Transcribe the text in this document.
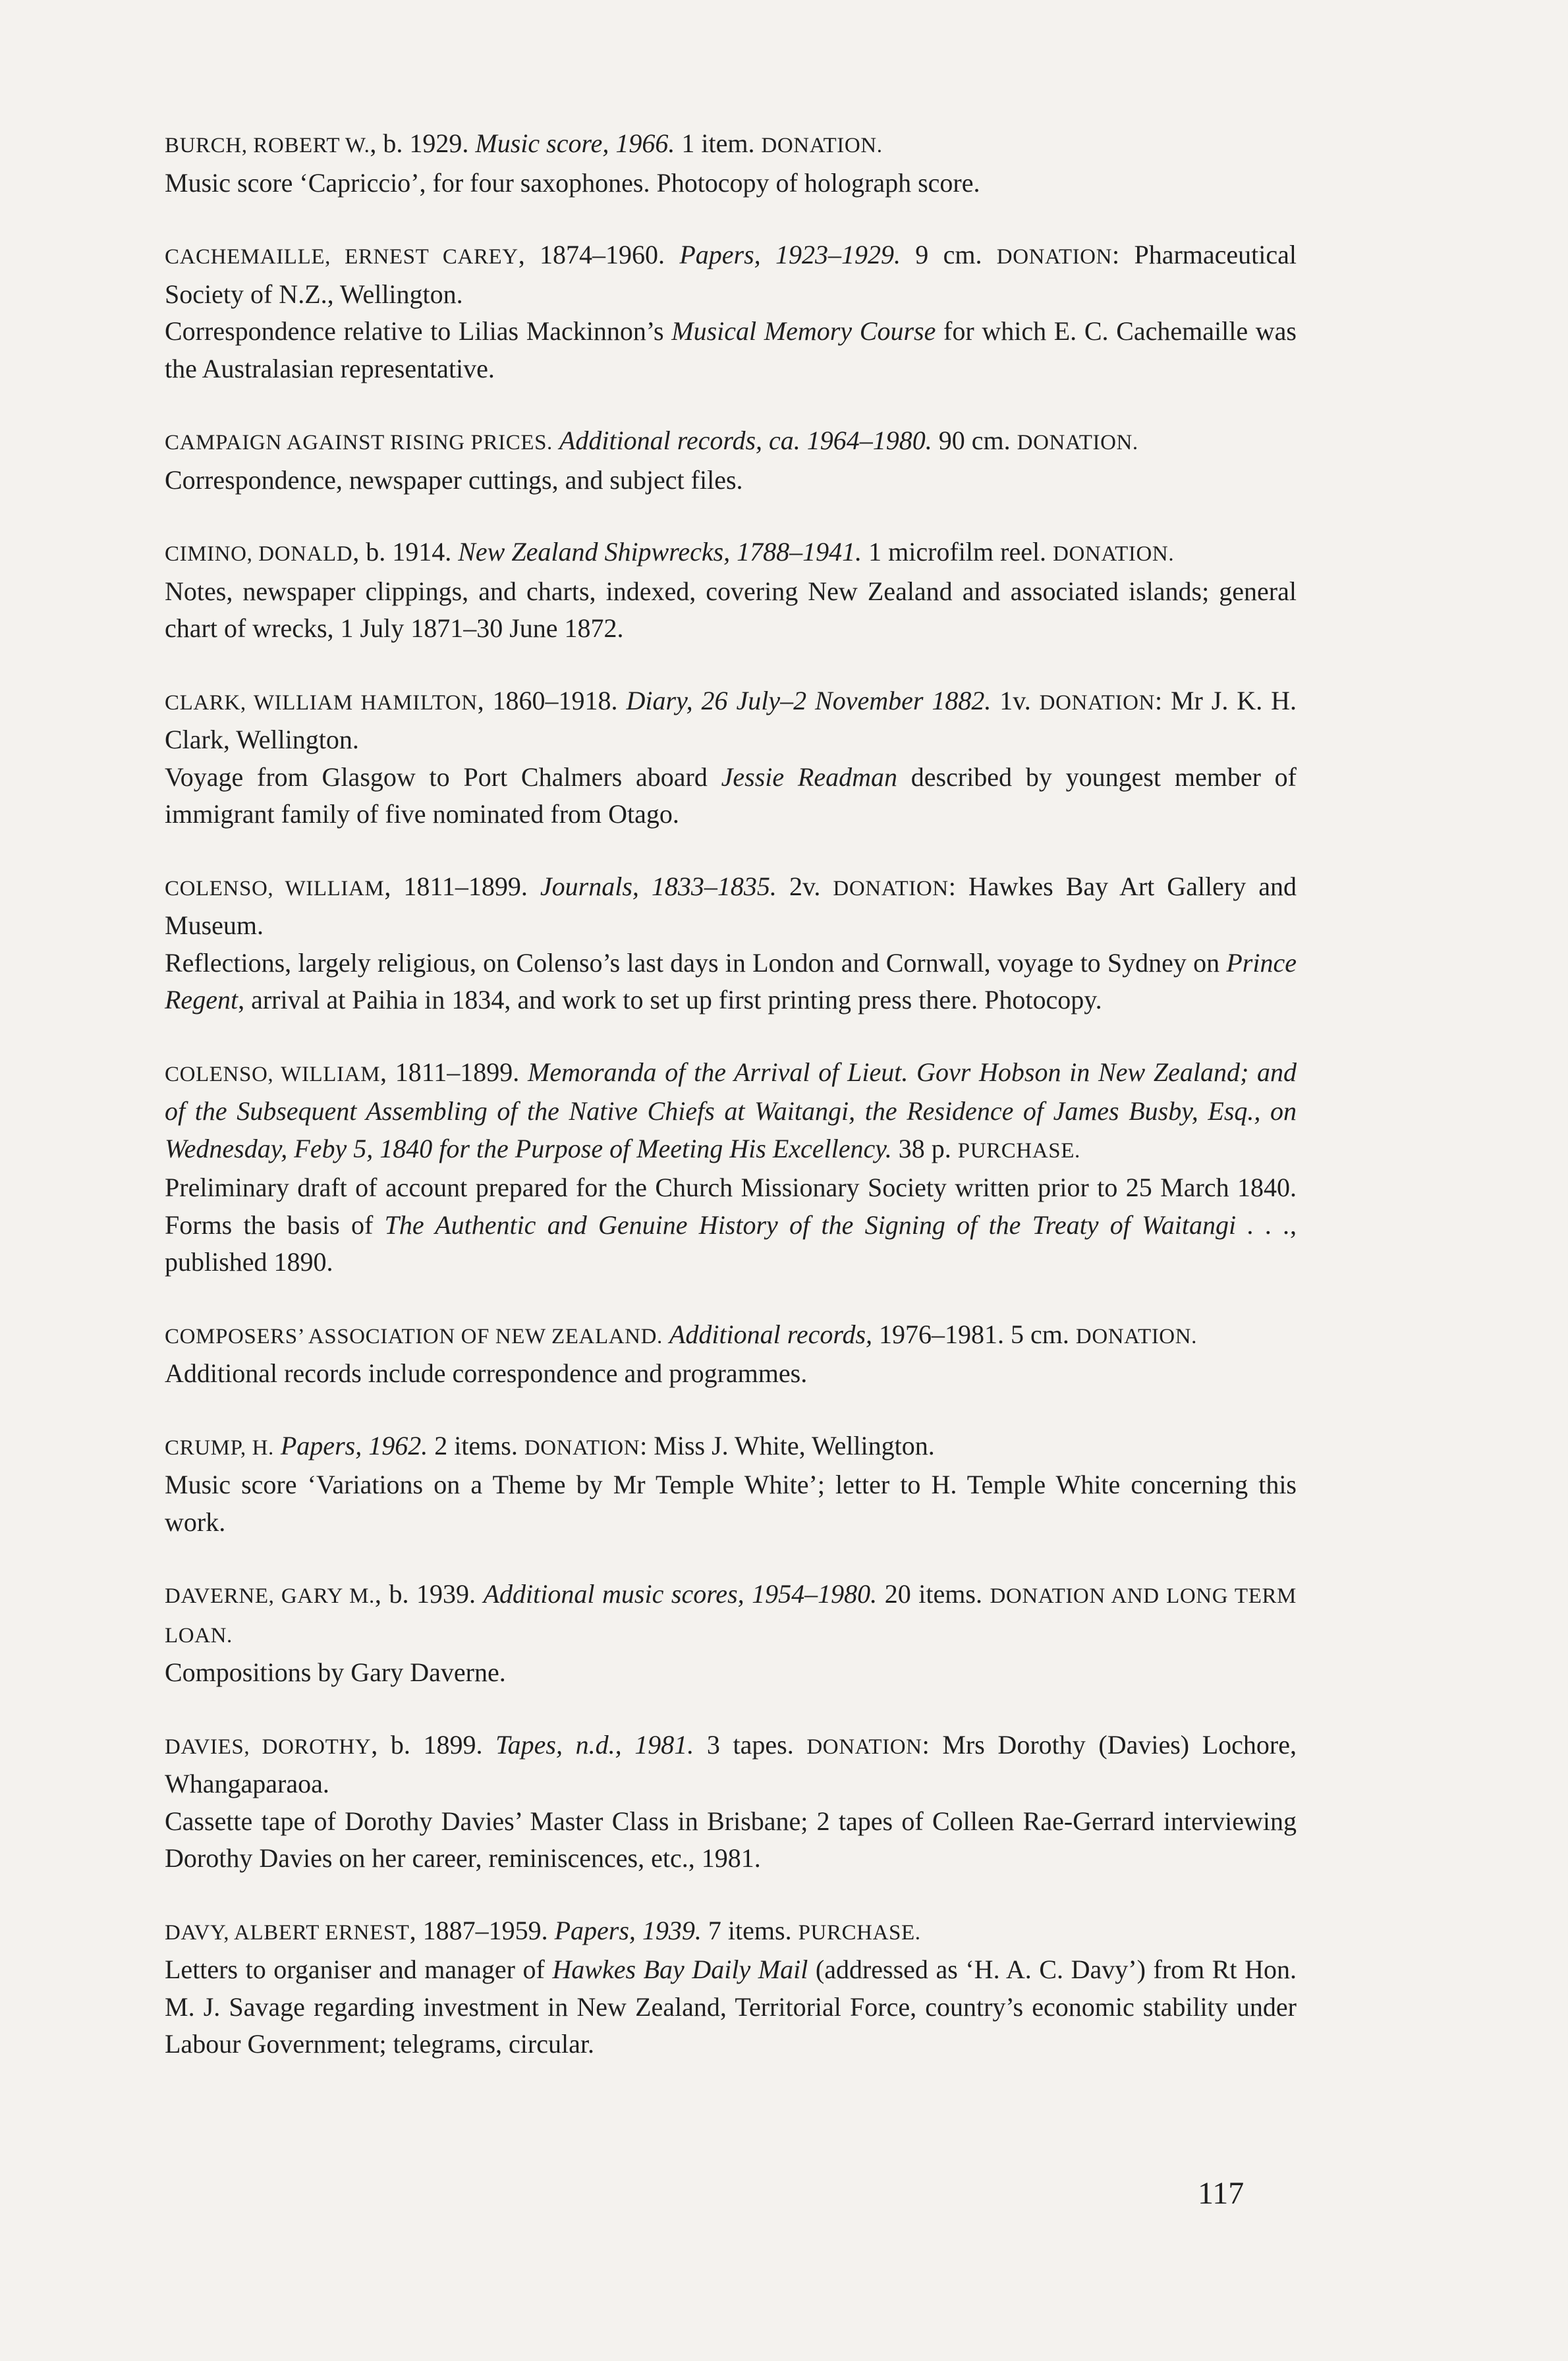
BURCH, ROBERT W., b. 1929. Music score, 1966. 1 item. DONATION.

Music score ‘Capriccio’, for four saxophones. Photocopy of holograph score.

CACHEMAILLE, ERNEST CAREY, 1874–1960. Papers, 1923–1929. 9 cm. DONATION: Pharmaceutical Society of N.Z., Wellington.

Correspondence relative to Lilias Mackinnon’s Musical Memory Course for which E. C. Cachemaille was the Australasian representative.

CAMPAIGN AGAINST RISING PRICES. Additional records, ca. 1964–1980. 90 cm. DONATION.

Correspondence, newspaper cuttings, and subject files.

CIMINO, DONALD, b. 1914. New Zealand Shipwrecks, 1788–1941. 1 microfilm reel. DONATION.

Notes, newspaper clippings, and charts, indexed, covering New Zealand and associated islands; general chart of wrecks, 1 July 1871–30 June 1872.

CLARK, WILLIAM HAMILTON, 1860–1918. Diary, 26 July–2 November 1882. 1v. DONATION: Mr J. K. H. Clark, Wellington.

Voyage from Glasgow to Port Chalmers aboard Jessie Readman described by youngest member of immigrant family of five nominated from Otago.

COLENSO, WILLIAM, 1811–1899. Journals, 1833–1835. 2v. DONATION: Hawkes Bay Art Gallery and Museum.

Reflections, largely religious, on Colenso’s last days in London and Cornwall, voyage to Sydney on Prince Regent, arrival at Paihia in 1834, and work to set up first printing press there. Photocopy.

COLENSO, WILLIAM, 1811–1899. Memoranda of the Arrival of Lieut. Govr Hobson in New Zealand; and of the Subsequent Assembling of the Native Chiefs at Waitangi, the Residence of James Busby, Esq., on Wednesday, Feby 5, 1840 for the Purpose of Meeting His Excellency. 38 p. PURCHASE.

Preliminary draft of account prepared for the Church Missionary Society written prior to 25 March 1840. Forms the basis of The Authentic and Genuine History of the Signing of the Treaty of Waitangi . . ., published 1890.

COMPOSERS’ ASSOCIATION OF NEW ZEALAND. Additional records, 1976–1981. 5 cm. DONATION.

Additional records include correspondence and programmes.

CRUMP, H. Papers, 1962. 2 items. DONATION: Miss J. White, Wellington.

Music score ‘Variations on a Theme by Mr Temple White’; letter to H. Temple White concerning this work.

DAVERNE, GARY M., b. 1939. Additional music scores, 1954–1980. 20 items. DONATION AND LONG TERM LOAN.

Compositions by Gary Daverne.

DAVIES, DOROTHY, b. 1899. Tapes, n.d., 1981. 3 tapes. DONATION: Mrs Dorothy (Davies) Lochore, Whangaparaoa.

Cassette tape of Dorothy Davies’ Master Class in Brisbane; 2 tapes of Colleen Rae-Gerrard interviewing Dorothy Davies on her career, reminiscences, etc., 1981.

DAVY, ALBERT ERNEST, 1887–1959. Papers, 1939. 7 items. PURCHASE.

Letters to organiser and manager of Hawkes Bay Daily Mail (addressed as ‘H. A. C. Davy’) from Rt Hon. M. J. Savage regarding investment in New Zealand, Territorial Force, country’s economic stability under Labour Government; telegrams, circular.

117
